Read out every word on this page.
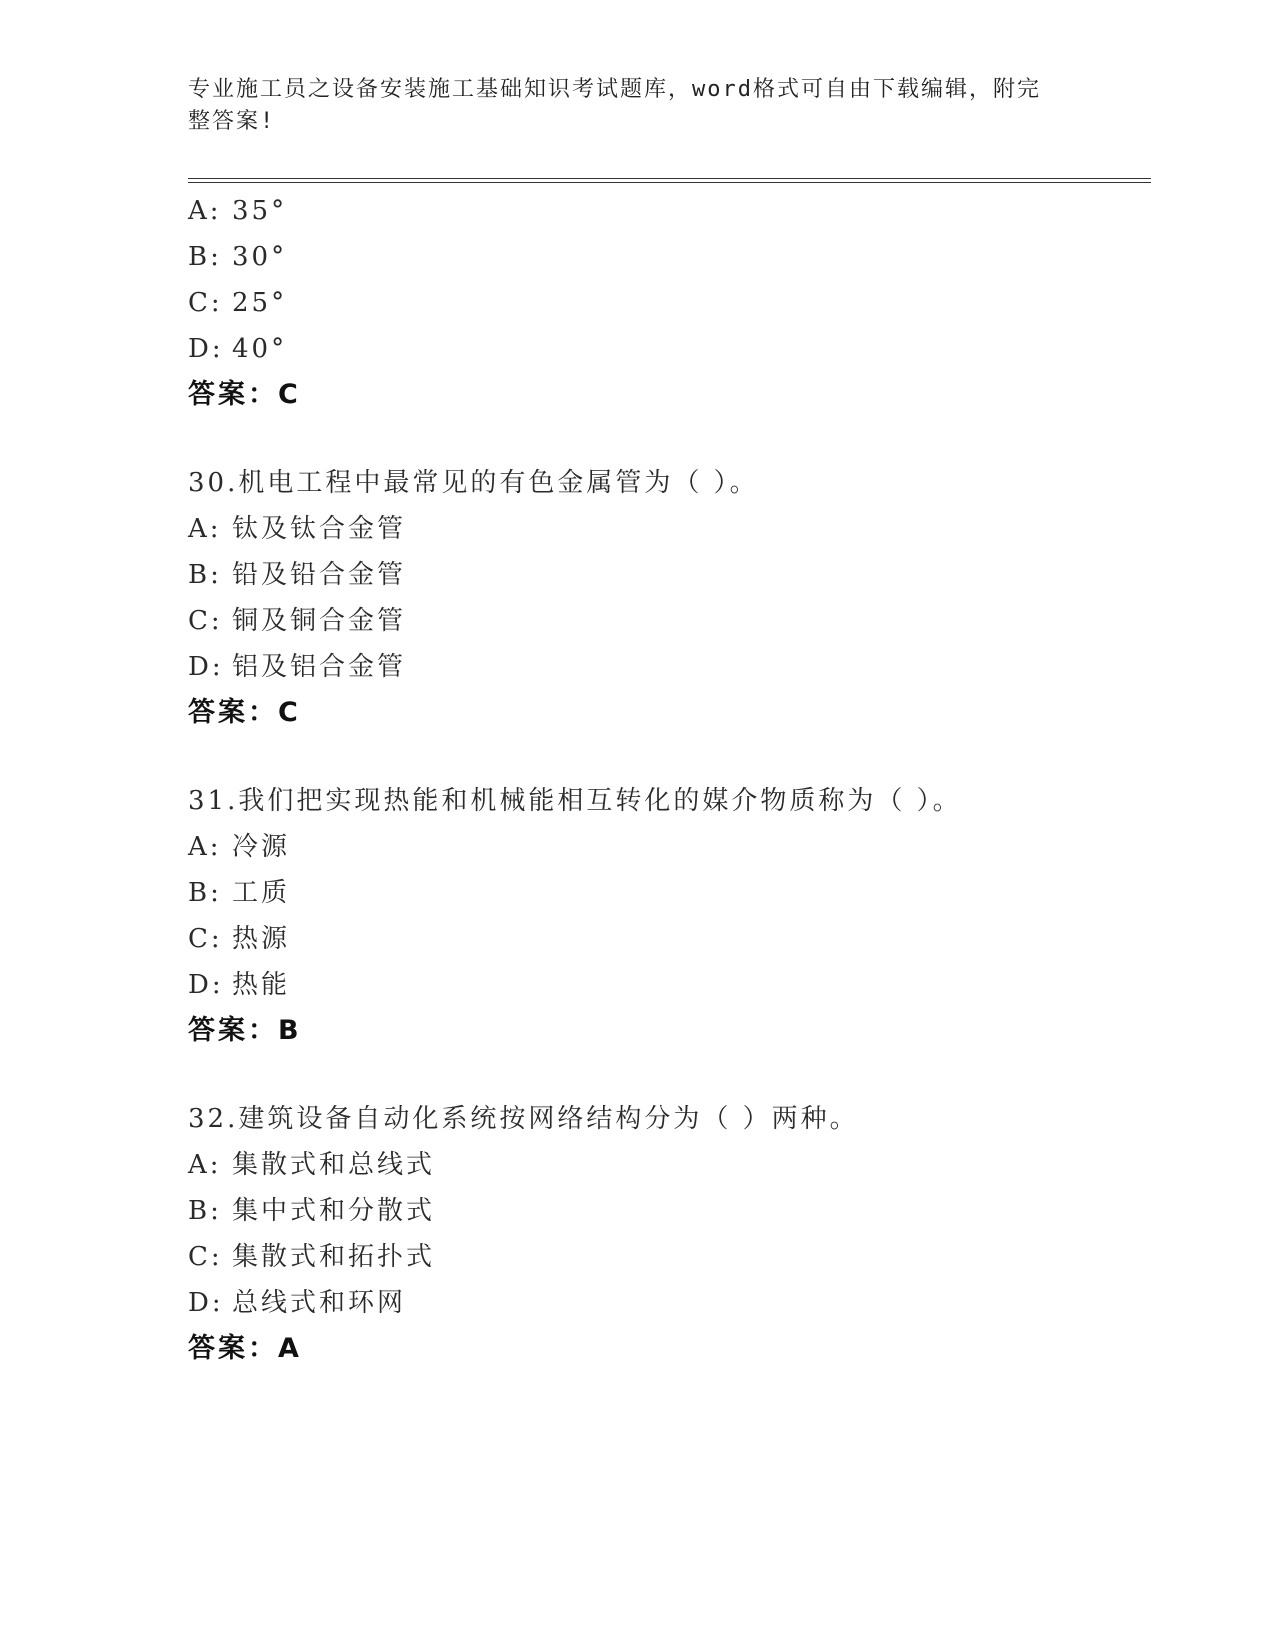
专业施工员之设备安装施工基础知识考试题库，word格式可自由下载编辑，附完
整答案!
A: 35°
B: 30°
C: 25°
D: 40°
答案：C
30.机电工程中最常见的有色金属管为（ ）。
A: 钛及钛合金管
B: 铅及铅合金管
C: 铜及铜合金管
D: 铝及铝合金管
答案：C
31.我们把实现热能和机械能相互转化的媒介物质称为（ ）。
A: 冷源
B: 工质
C: 热源
D: 热能
答案：B
32.建筑设备自动化系统按网络结构分为（ ）两种。
A: 集散式和总线式
B: 集中式和分散式
C: 集散式和拓扑式
D: 总线式和环网
答案：A
